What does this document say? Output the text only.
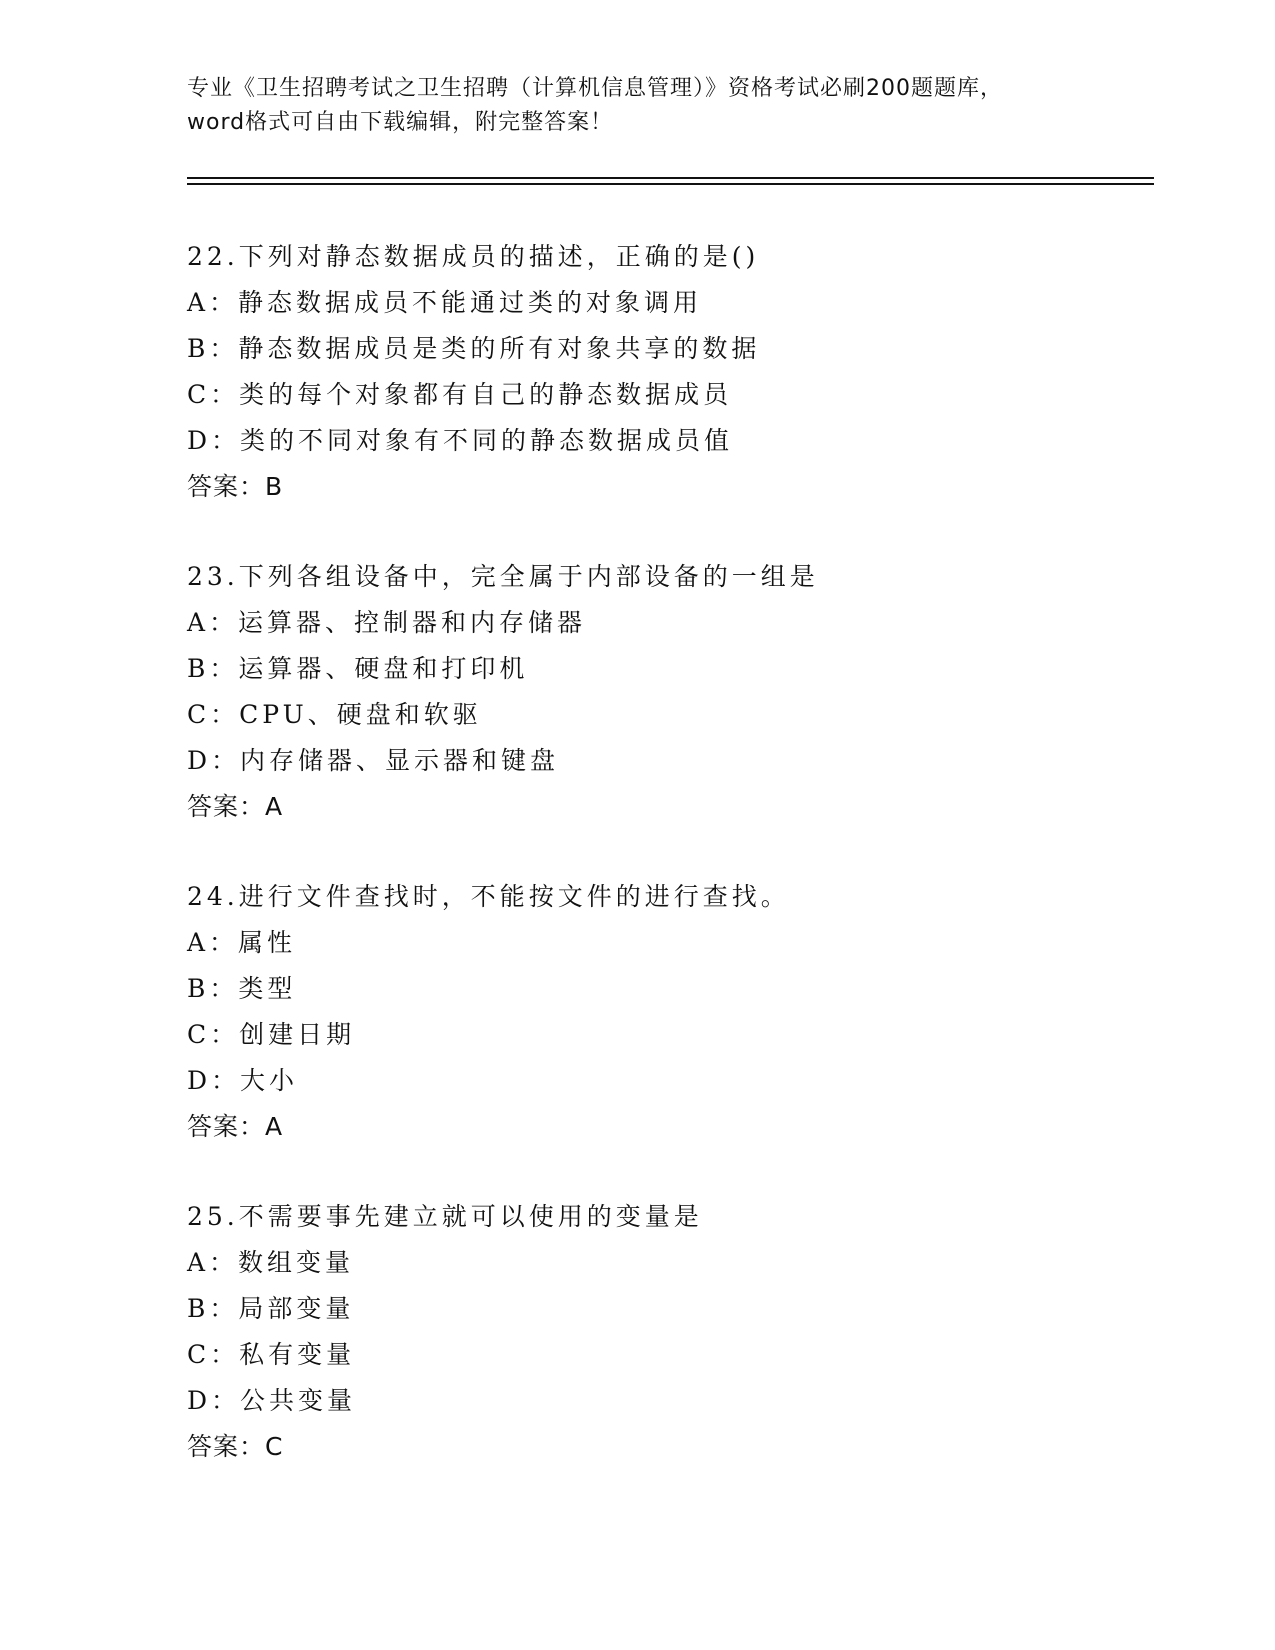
专业《卫生招聘考试之卫生招聘（计算机信息管理）》资格考试必刷200题题库，

word格式可自由下载编辑，附完整答案！

22.下列对静态数据成员的描述，正确的是()
A：静态数据成员不能通过类的对象调用
B：静态数据成员是类的所有对象共享的数据
C：类的每个对象都有自己的静态数据成员
D：类的不同对象有不同的静态数据成员值
答案：B
23.下列各组设备中，完全属于内部设备的一组是
A：运算器、控制器和内存储器
B：运算器、硬盘和打印机
C：CPU、硬盘和软驱
D：内存储器、显示器和键盘
答案：A
24.进行文件查找时，不能按文件的进行查找。
A：属性
B：类型
C：创建日期
D：大小
答案：A
25.不需要事先建立就可以使用的变量是
A：数组变量
B：局部变量
C：私有变量
D：公共变量
答案：C
